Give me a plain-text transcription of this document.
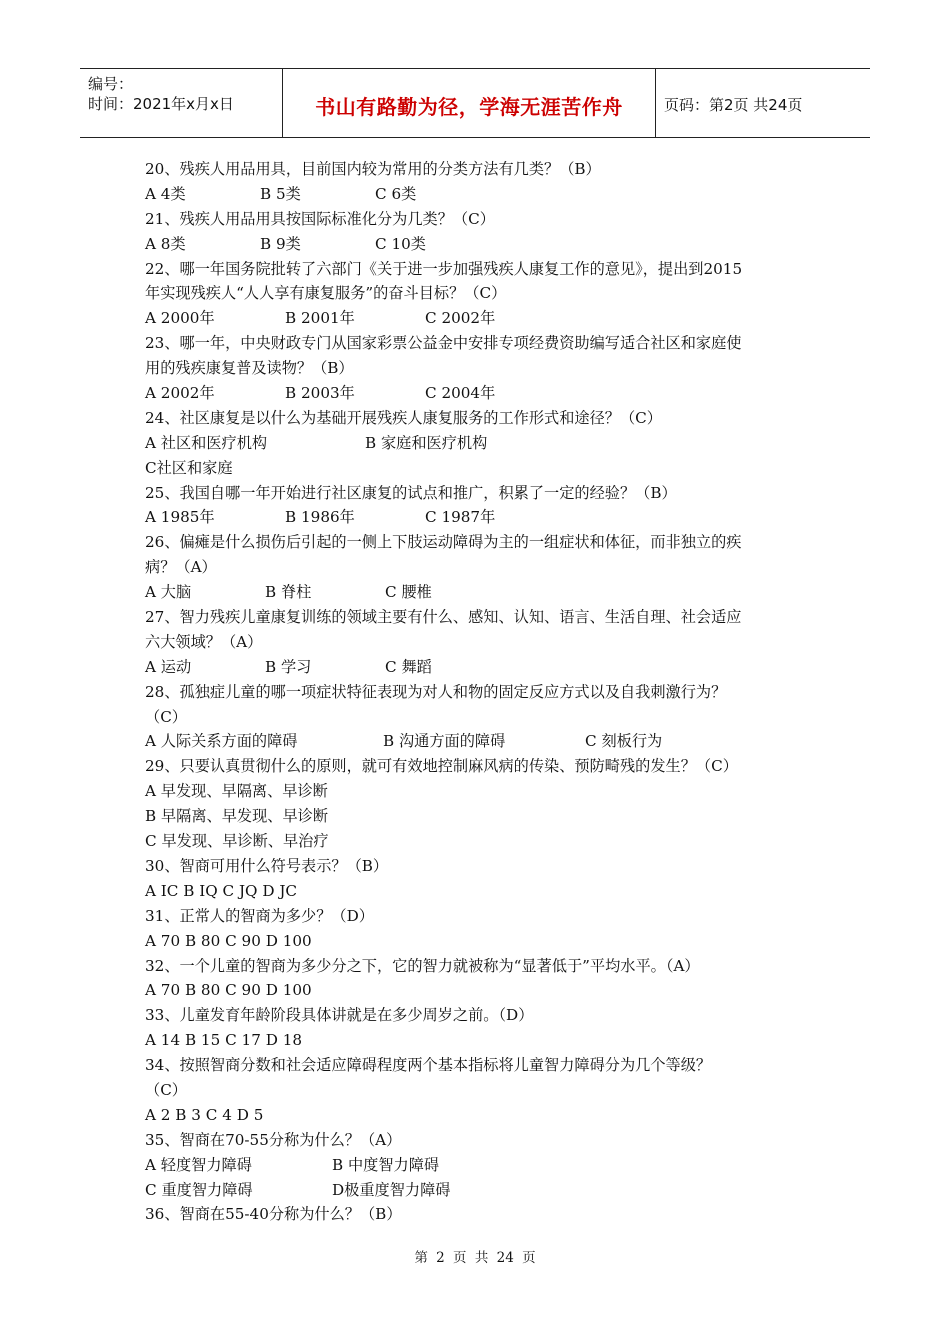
编号：
时间：2021年x月x日	书山有路勤为径，学海无涯苦作舟	页码：第2页 共24页
20、残疾人用品用具，目前国内较为常用的分类方法有几类？（B）
A 4类	B 5类	C 6类
21、残疾人用品用具按国际标准化分为几类？（C）
A 8类	B 9类	C 10类
22、哪一年国务院批转了六部门《关于进一步加强残疾人康复工作的意见》，提出到2015
年实现残疾人“人人享有康复服务”的奋斗目标？（C）
A 2000年	B 2001年	C 2002年
23、哪一年，中央财政专门从国家彩票公益金中安排专项经费资助编写适合社区和家庭使
用的残疾康复普及读物？（B）
A 2002年	B 2003年	C 2004年
24、社区康复是以什么为基础开展残疾人康复服务的工作形式和途径？（C）
A 社区和医疗机构	B 家庭和医疗机构
C社区和家庭
25、我国自哪一年开始进行社区康复的试点和推广，积累了一定的经验？（B）
A 1985年	B 1986年	C 1987年
26、偏瘫是什么损伤后引起的一侧上下肢运动障碍为主的一组症状和体征，而非独立的疾
病？（A）
A 大脑	B 脊柱	C 腰椎
27、智力残疾儿童康复训练的领域主要有什么、感知、认知、语言、生活自理、社会适应
六大领域？（A）
A 运动	B 学习	C 舞蹈
28、孤独症儿童的哪一项症状特征表现为对人和物的固定反应方式以及自我刺激行为？
（C）
A 人际关系方面的障碍	B 沟通方面的障碍	C 刻板行为
29、只要认真贯彻什么的原则，就可有效地控制麻风病的传染、预防畸残的发生？（C）
A 早发现、早隔离、早诊断
B 早隔离、早发现、早诊断
C 早发现、早诊断、早治疗
30、智商可用什么符号表示？（B）
A IC B IQ C JQ D JC
31、正常人的智商为多少？（D）
A 70 B 80 C 90 D 100
32、一个儿童的智商为多少分之下，它的智力就被称为“显著低于”平均水平。（A）
A 70 B 80 C 90 D 100
33、儿童发育年龄阶段具体讲就是在多少周岁之前。（D）
A 14 B 15 C 17 D 18
34、按照智商分数和社会适应障碍程度两个基本指标将儿童智力障碍分为几个等级？
（C）
A 2 B 3 C 4 D 5
35、智商在70-55分称为什么？（A）
A 轻度智力障碍	B 中度智力障碍
C 重度智力障碍	D极重度智力障碍
36、智商在55-40分称为什么？（B）
第 2 页 共 24 页
